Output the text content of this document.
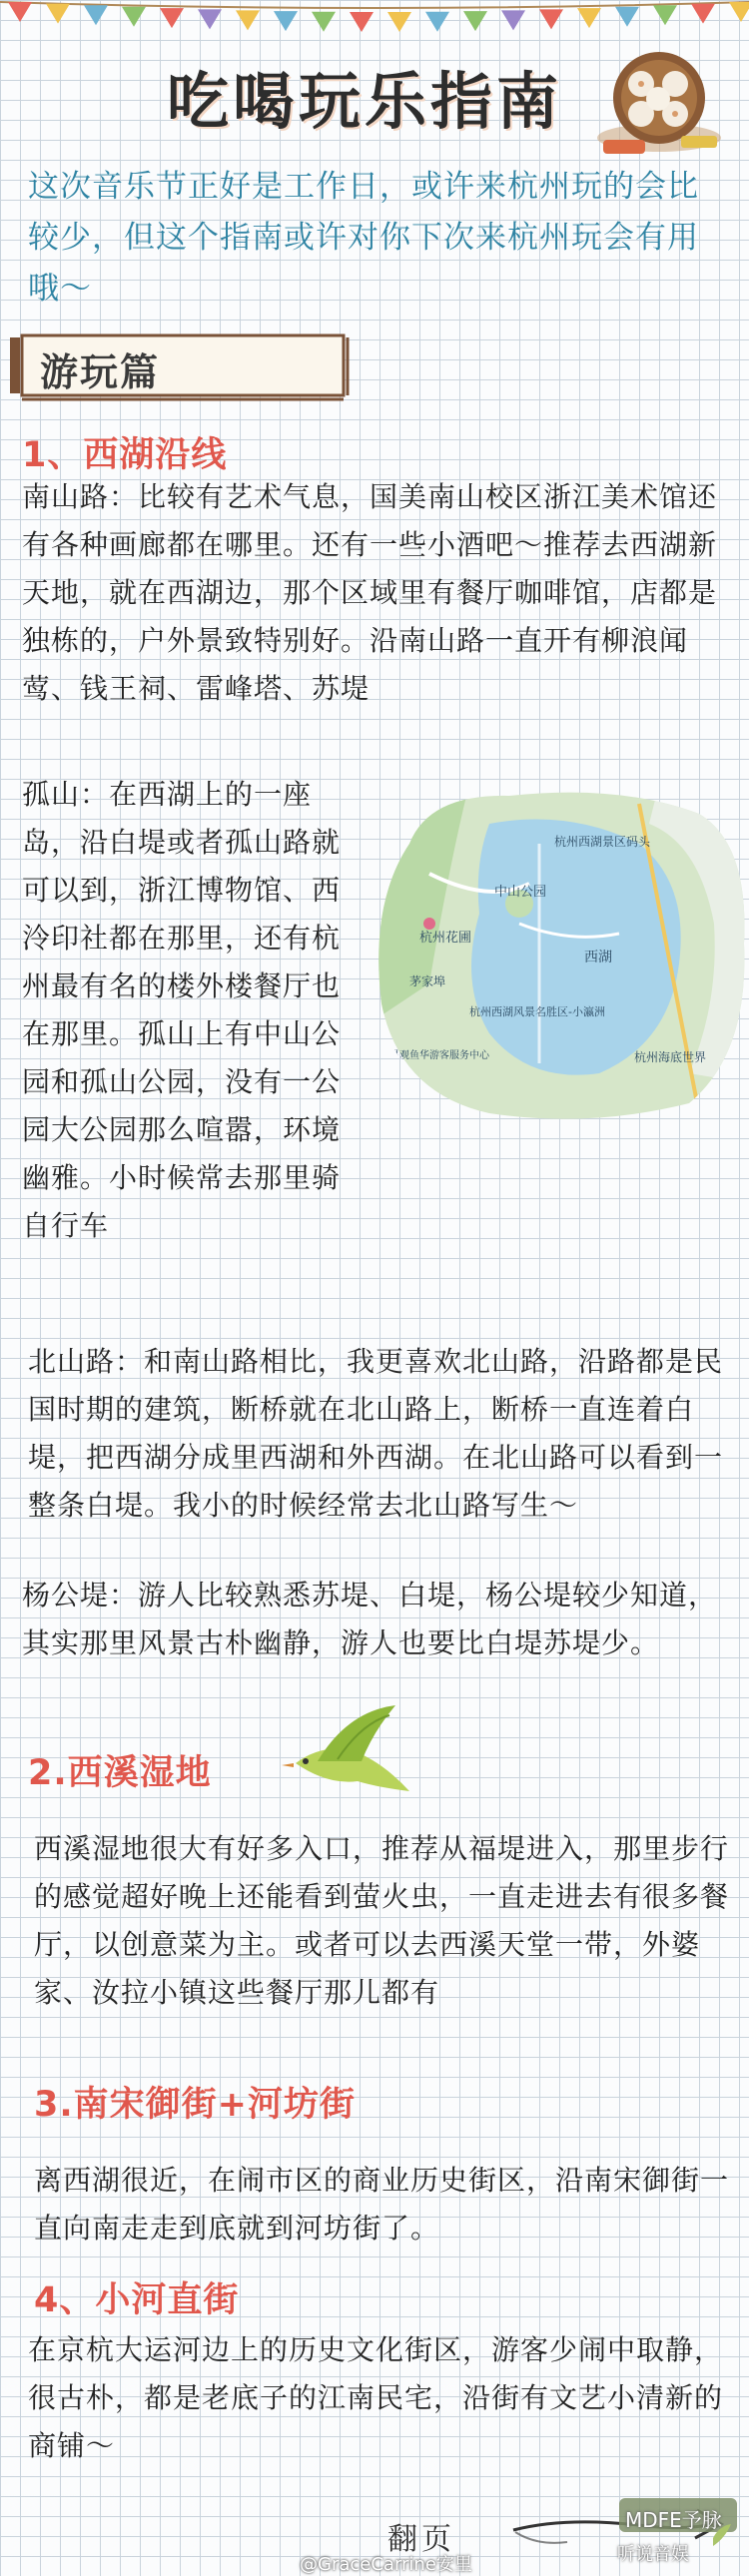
吃喝玩乐指南
这次音乐节正好是工作日，或许来杭州玩的会比较少，但这个指南或许对你下次来杭州玩会有用哦～
游玩篇
1、西湖沿线
南山路：比较有艺术气息，国美南山校区浙江美术馆还有各种画廊都在哪里。还有一些小酒吧～推荐去西湖新天地，就在西湖边，那个区域里有餐厅咖啡馆，店都是独栋的，户外景致特别好。沿南山路一直开有柳浪闻莺、钱王祠、雷峰塔、苏堤
文区
杭州西湖景区码头
中山公园
杭州花圃
西湖
茅家埠
杭州西湖风景名胜区-小瀛洲
灵观鱼华游客服务中心	杭州海底世界
孤山：在西湖上的一座岛，沿白堤或者孤山路就可以到，浙江博物馆、西泠印社都在那里，还有杭州最有名的楼外楼餐厅也在那里。孤山上有中山公园和孤山公园，没有一公园大公园那么喧嚣，环境幽雅。小时候常去那里骑自行车
北山路：和南山路相比，我更喜欢北山路，沿路都是民国时期的建筑，断桥就在北山路上，断桥一直连着白堤，把西湖分成里西湖和外西湖。在北山路可以看到一整条白堤。我小的时候经常去北山路写生～
杨公堤：游人比较熟悉苏堤、白堤，杨公堤较少知道，其实那里风景古朴幽静，游人也要比白堤苏堤少。
2.西溪湿地
西溪湿地很大有好多入口，推荐从福堤进入，那里步行的感觉超好晚上还能看到萤火虫，一直走进去有很多餐厅，以创意菜为主。或者可以去西溪天堂一带，外婆家、汝拉小镇这些餐厅那儿都有
3.南宋御街+河坊街
离西湖很近，在闹市区的商业历史街区，沿南宋御街一直向南走走到底就到河坊街了。
4、小河直街
在京杭大运河边上的历史文化街区，游客少闹中取静，很古朴，都是老底子的江南民宅，沿街有文艺小清新的商铺～
翻页
MDFE予脉
@GraceCarrine安里	听说音娱
